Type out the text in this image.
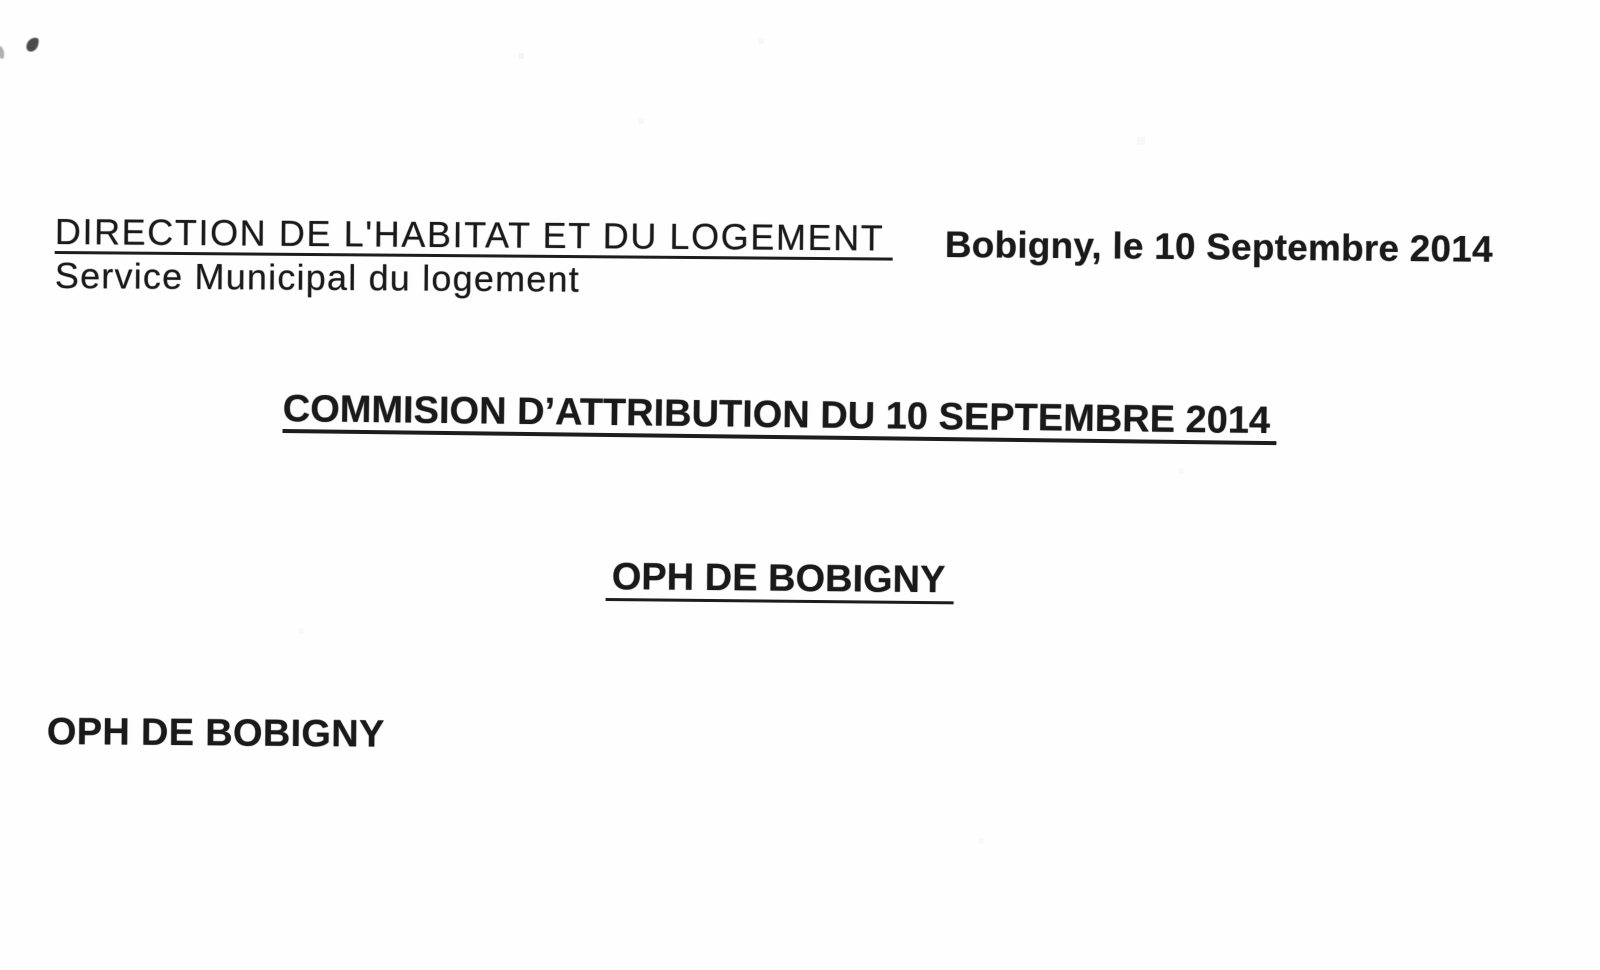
DIRECTION DE L'HABITAT ET DU LOGEMENT
Service Municipal du logement
Bobigny, le 10 Septembre 2014
COMMISION D’ATTRIBUTION DU 10 SEPTEMBRE 2014
OPH DE BOBIGNY
OPH DE BOBIGNY
